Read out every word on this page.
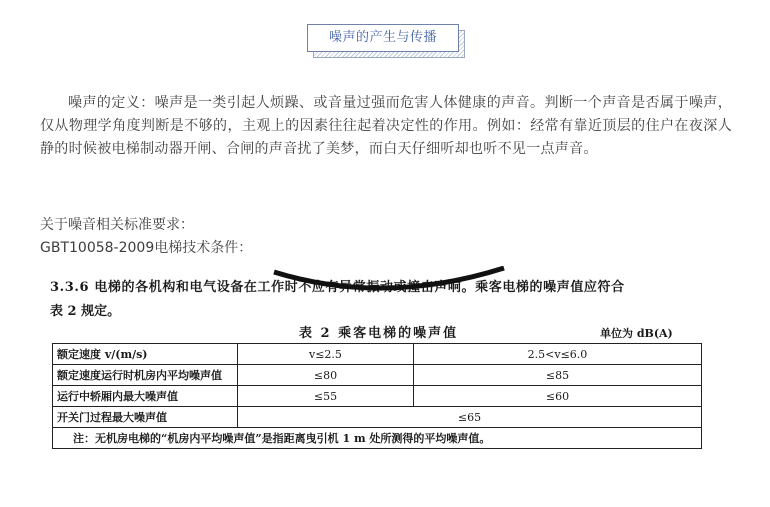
噪声的产生与传播

噪声的定义：噪声是一类引起人烦躁、或音量过强而危害人体健康的声音。判断一个声音是否属于噪声，仅从物理学角度判断是不够的，主观上的因素往往起着决定性的作用。例如：经常有靠近顶层的住户在夜深人静的时候被电梯制动器开闸、合闸的声音扰了美梦，而白天仔细听却也听不见一点声音。

关于噪音相关标准要求：

GBT10058-2009电梯技术条件：

3.3.6 电梯的各机构和电气设备在工作时不应有异常振动或撞击声响。乘客电梯的噪声值应符合

表 2 规定。

表 2 乘客电梯的噪声值	单位为 dB(A)

额定速度 v/(m/s)	v≤2.5	2.5<v≤6.0
额定速度运行时机房内平均噪声值	≤80	≤85
运行中轿厢内最大噪声值	≤55	≤60
开关门过程最大噪声值	≤65	
注：无机房电梯的“机房内平均噪声值”是指距离曳引机 1 m 处所测得的平均噪声值。		
